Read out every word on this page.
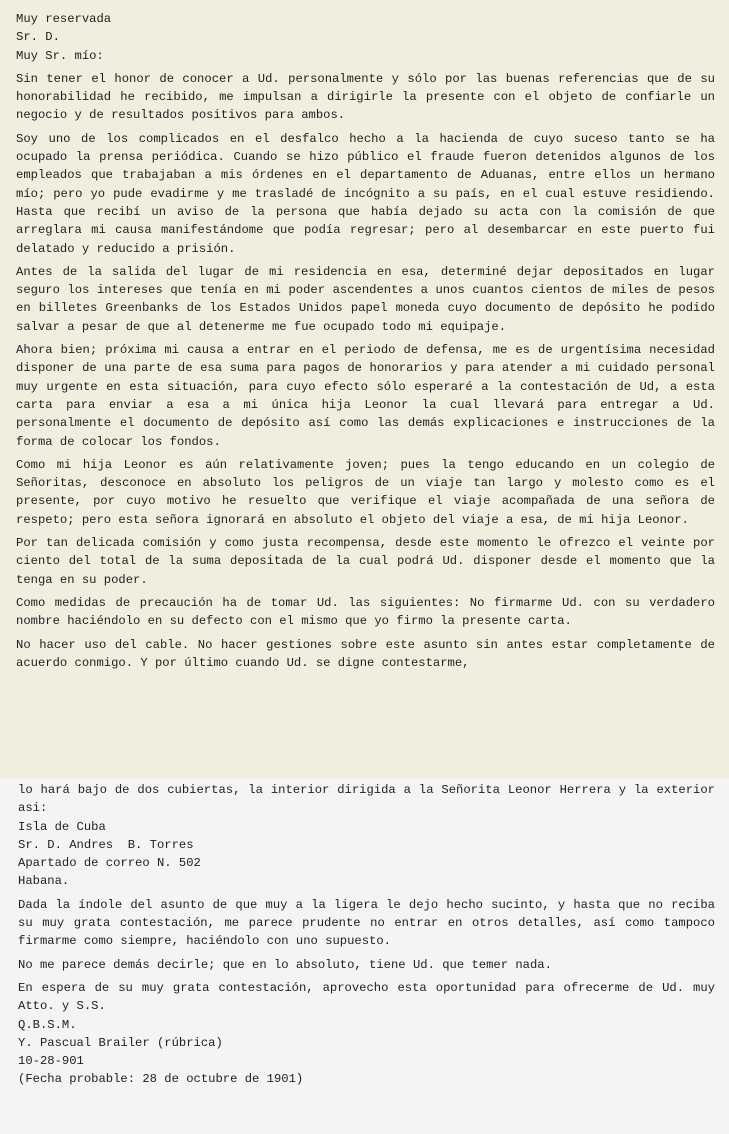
Muy reservada

Sr. D.

Muy Sr. mío:

Sin tener el honor de conocer a Ud. personalmente y sólo por las buenas referencias que de su honorabilidad he recibido, me impulsan a dirigirle la presente con el objeto de confiarle un negocio y de resultados positivos para ambos.

Soy uno de los complicados en el desfalco hecho a la hacienda de cuyo suceso tanto se ha ocupado la prensa periódica. Cuando se hizo público el fraude fueron detenidos algunos de los empleados que trabajaban a mis órdenes en el departamento de Aduanas, entre ellos un hermano mío; pero yo pude evadirme y me trasladé de incógnito a su país, en el cual estuve residiendo. Hasta que recibí un aviso de la persona que había dejado su acta con la comisión de que arreglara mi causa manifestándome que podía regresar; pero al desembarcar en este puerto fui delatado y reducido a prisión.

Antes de la salida del lugar de mi residencia en esa, determiné dejar depositados en lugar seguro los intereses que tenía en mi poder ascendentes a unos cuantos cientos de miles de pesos en billetes Greenbanks de los Estados Unidos papel moneda cuyo documento de depósito he podido salvar a pesar de que al detenerme me fue ocupado todo mi equipaje.

Ahora bien; próxima mi causa a entrar en el periodo de defensa, me es de urgentísima necesidad disponer de una parte de esa suma para pagos de honorarios y para atender a mi cuidado personal muy urgente en esta situación, para cuyo efecto sólo esperaré a la contestación de Ud, a esta carta para enviar a esa a mi única hija Leonor la cual llevará para entregar a Ud. personalmente el documento de depósito así como las demás explicaciones e instrucciones de la forma de colocar los fondos.

Como mi hija Leonor es aún relativamente joven; pues la tengo educando en un colegio de Señoritas, desconoce en absoluto los peligros de un viaje tan largo y molesto como es el presente, por cuyo motivo he resuelto que verifique el viaje acompañada de una señora de respeto; pero esta señora ignorará en absoluto el objeto del viaje a esa, de mi hija Leonor.

Por tan delicada comisión y como justa recompensa, desde este momento le ofrezco el veinte por ciento del total de la suma depositada de la cual podrá Ud. disponer desde el momento que la tenga en su poder.

Como medidas de precaución ha de tomar Ud. las siguientes: No firmarme Ud. con su verdadero nombre haciéndolo en su defecto con el mismo que yo firmo la presente carta.

No hacer uso del cable. No hacer gestiones sobre este asunto sin antes estar completamente de acuerdo conmigo. Y por último cuando Ud. se digne contestarme,

lo hará bajo de dos cubiertas, la interior dirigida a la Señorita Leonor Herrera y la exterior asi:

Isla de Cuba

Sr. D. Andres  B. Torres

Apartado de correo N. 502

Habana.

Dada la índole del asunto de que muy a la ligera le dejo hecho sucinto, y hasta que no reciba su muy grata contestación, me parece prudente no entrar en otros detalles, así como tampoco firmarme como siempre, haciéndolo con uno supuesto.

No me parece demás decirle; que en lo absoluto, tiene Ud. que temer nada.

En espera de su muy grata contestación, aprovecho esta oportunidad para ofrecerme de Ud. muy Atto. y S.S.

Q.B.S.M.

Y. Pascual Brailer (rúbrica)

10-28-901

(Fecha probable: 28 de octubre de 1901)
